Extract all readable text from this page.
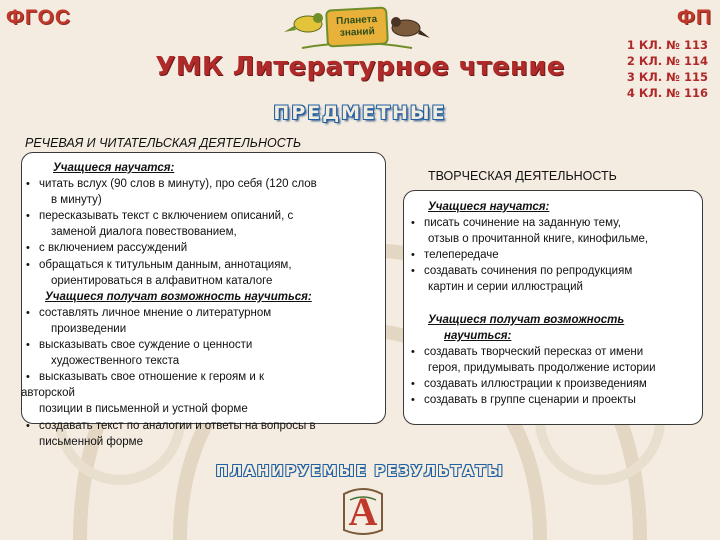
ФГОС	ФП
1 КЛ. № 113
2 КЛ. № 114
3 КЛ. № 115
4 КЛ. № 116
Планета
знаний
УМК Литературное чтение
ПРЕДМЕТНЫЕ
РЕЧЕВАЯ И ЧИТАТЕЛЬСКАЯ ДЕЯТЕЛЬНОСТЬ
Учащиеся научатся:
• читать вслух (90 слов в минуту), про себя (120 слов
в минуту)
• пересказывать текст с включением описаний, с
заменой диалога повествованием,
• с включением рассуждений
• обращаться к титульным данным, аннотациям,
ориентироваться в алфавитном каталоге
Учащиеся получат возможность научиться:
• составлять личное мнение о литературном
произведении
• высказывать свое суждение о ценности
художественного текста
• высказывать свое отношение к героям и к
авторской
позиции в письменной и устной форме
• создавать текст по аналогии и ответы на вопросы в
письменной форме
ТВОРЧЕСКАЯ ДЕЯТЕЛЬНОСТЬ
Учащиеся научатся:
• писать сочинение на заданную тему,
отзыв о прочитанной книге, кинофильме,
• телепередаче
• создавать сочинения по репродукциям
картин и серии иллюстраций
Учащиеся получат возможность
научиться:
• создавать творческий пересказ от имени
героя, придумывать продолжение истории
• создавать иллюстрации к произведениям
• создавать в группе сценарии и проекты
ПЛАНИРУЕМЫЕ РЕЗУЛЬТАТЫ
А
